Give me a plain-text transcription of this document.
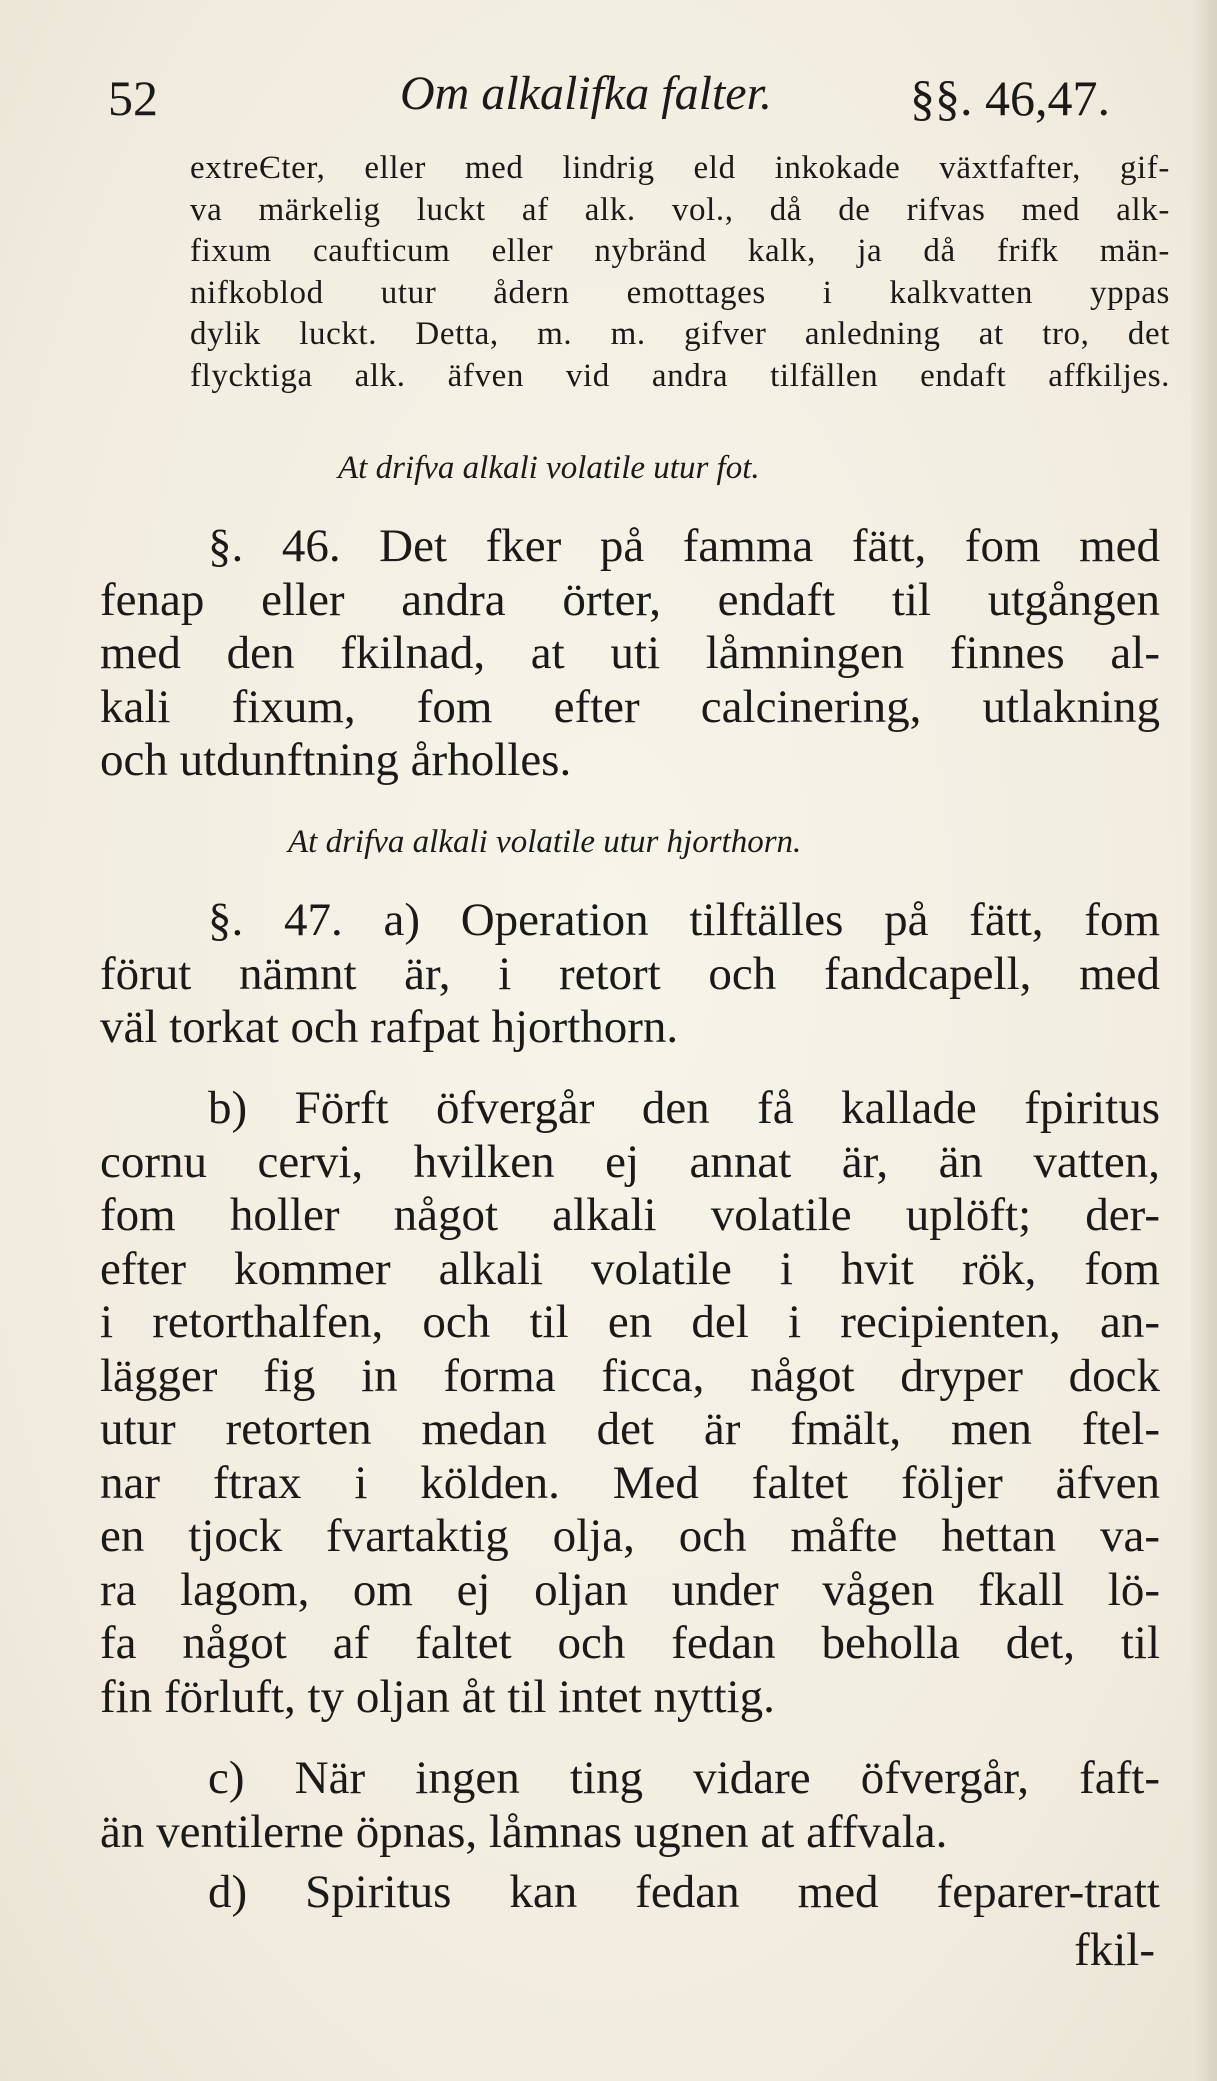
52	Om alkalifka falter.	§§. 46,47.
extreЄter, eller med lindrig eld inkokade växtfafter, gif-
va märkelig luckt af alk. vol., då de rifvas med alk-
fixum caufticum eller nybränd kalk, ja då frifk män-
nifkoblod utur ådern emottages i kalkvatten yppas
dylik luckt. Detta, m. m. gifver anledning at tro, det
flycktiga alk. äfven vid andra tilfällen endaft affkiljes.
At drifva alkali volatile utur fot.
§. 46. Det fker på famma fätt, fom med
fenap eller andra örter, endaft til utgången
med den fkilnad, at uti låmningen finnes al-
kali fixum, fom efter calcinering, utlakning
och utdunftning årholles.
At drifva alkali volatile utur hjorthorn.
§. 47. a) Operation tilftälles på fätt, fom
förut nämnt är, i retort och fandcapell, med
väl torkat och rafpat hjorthorn.
b) Förft öfvergår den få kallade fpiritus
cornu cervi, hvilken ej annat är, än vatten,
fom holler något alkali volatile uplöft; der-
efter kommer alkali volatile i hvit rök, fom
i retorthalfen, och til en del i recipienten, an-
lägger fig in forma ficca, något dryper dock
utur retorten medan det är fmält, men ftel-
nar ftrax i kölden. Med faltet följer äfven
en tjock fvartaktig olja, och måfte hettan va-
ra lagom, om ej oljan under vågen fkall lö-
fa något af faltet och fedan beholla det, til
fin förluft, ty oljan åt til intet nyttig.
c) När ingen ting vidare öfvergår, faft-
än ventilerne öpnas, låmnas ugnen at affvala.
d) Spiritus kan fedan med feparer-tratt
fkil-
